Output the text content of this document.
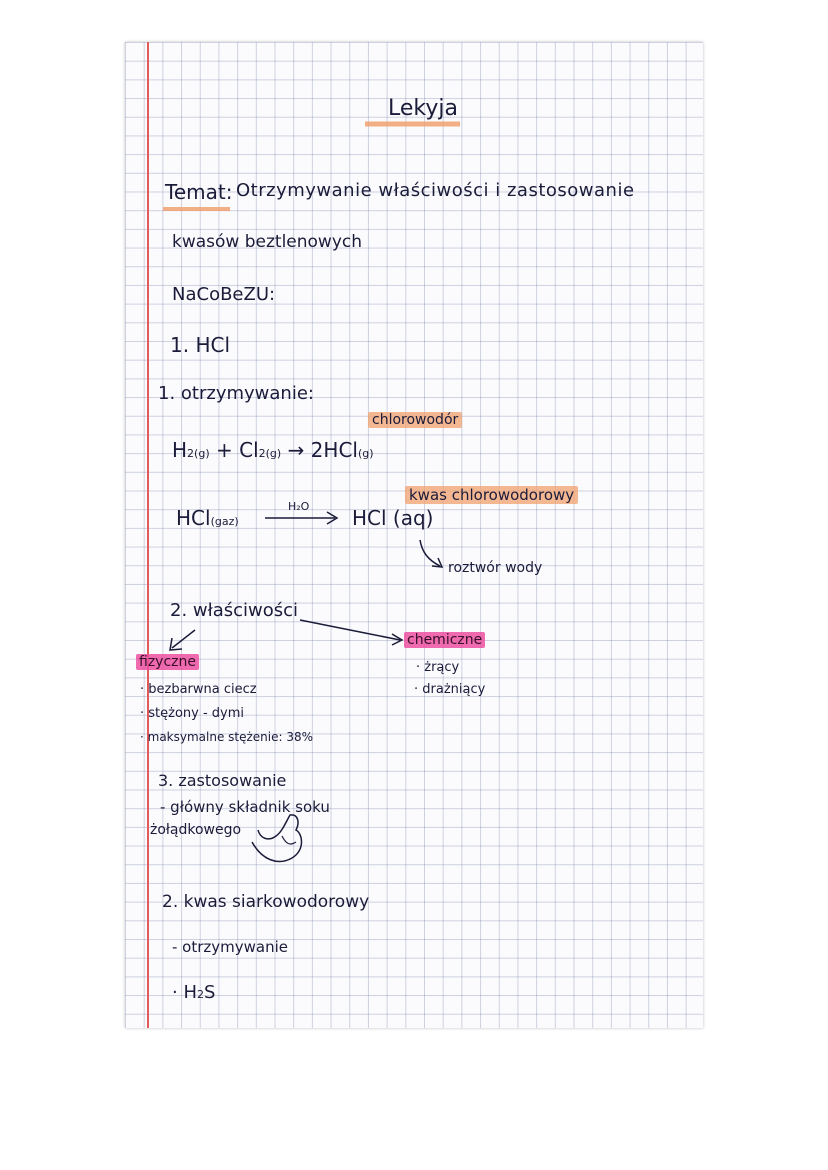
Lekyja
Temat: Otrzymywanie właściwości i zastosowanie
kwasów beztlenowych
NaCoBeZU:
1. HCl
1. otrzymywanie:
chlorowodór
H2(g) + Cl2(g) → 2HCl(g)
kwas chlorowodorowy
HCl(gaz)
H₂O HCl (aq)
roztwór wody
2. właściwości
fizyczne
· bezbarwna ciecz
· stężony - dymi
· maksymalne stężenie: 38%
chemiczne
· żrący
· drażniący
3. zastosowanie
- główny składnik soku
żołądkowego
2. kwas siarkowodorowy
- otrzymywanie
· H2S
